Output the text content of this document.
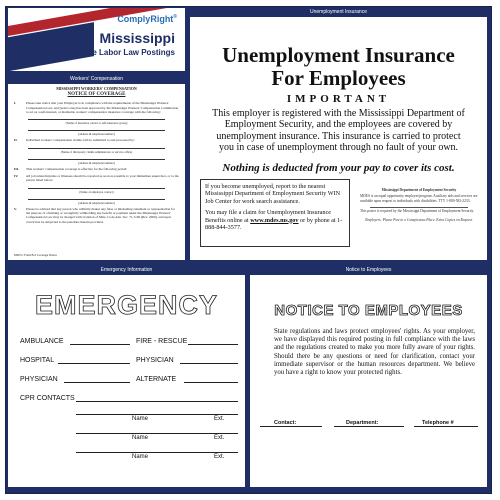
ComplyRight®
Mississippi
State Labor Law Postings
Workers' Compensation
MISSISSIPPI WORKERS' COMPENSATION
NOTICE OF COVERAGE
I.	Please take notice that your Employer is in compliance with the requirements of the Mississippi Workers' Compensation Law, and [select one] has been approved by the Mississippi Workers' Compensation Commission to act as a self-insured, or maintains workers' compensation insurance coverage with the following:
(Name of insurance carrier or self-insurance group)
(address & telephone number)
II.	Individual workers' compensation claims will be submitted to and processed by:
(Name of third-party claims administrator or service office)
(address & telephone number)
III.	This workers' compensation coverage is effective for the following period:
IV.	All job related injuries or illnesses should be reported as soon as possible to your immediate supervisor, or to the person listed below:
(Name of employee contact)
(address & telephone number)
V.	Please be advised that any person who willfully makes any false or misleading statement or representation for the purpose of obtaining or wrongfully withholding any benefit or payment under the Mississippi Workers' Compensation Law may be charged with violation of Miss. Code Ann. Sec. 71-3-69 (Rev. 2000), and upon conviction be subjected to the penalties therein provided.
MWCC Form B-3 Coverage Notice
Unemployment Insurance
Unemployment Insurance
For Employees
IMPORTANT
This employer is registered with the Mississippi Department of Employment Security, and the employees are covered by unemployment insurance. This insurance is carried to protect you in case of unemployment through no fault of your own.
Nothing is deducted from your pay to cover its cost.

If you become unemployed, report to the nearest Mississippi Department of Employment Security WIN Job Center for work search assistance.

You may file a claim for Unemployment Insurance Benefits online at www.mdes.ms.gov or by phone at 1-888-844-3577.

Mississippi Department of Employment Security
MDES is an equal opportunity employer/program. Auxiliary aids and services are available upon request to individuals with disabilities. TTY 1-800-582-2233.
This poster is required by the Mississippi Department of Employment Security.
Employers: Please Post in a Conspicuous Place. Extra Copies on Request.
Emergency Information
EMERGENCY
AMBULANCE	FIRE - RESCUE
HOSPITAL	PHYSICIAN
PHYSICIAN	ALTERNATE
CPR CONTACTS
Name	Ext.
Name	Ext.
Name	Ext.
Notice to Employees
NOTICE TO EMPLOYEES
State regulations and laws protect employees' rights. As your employer, we have displayed this required posting in full compliance with the laws and the regulations created to make you more fully aware of your rights. Should there be any questions or need for clarification, contact your immediate supervisor or the human resources department. We believe you have a right to know your protected rights.
Contact:	Department:	Telephone #
Reorder Item #	EMPLOYER NOTE: Must be posted in a conspicuous place for convenient viewing by all employees and applicants.
